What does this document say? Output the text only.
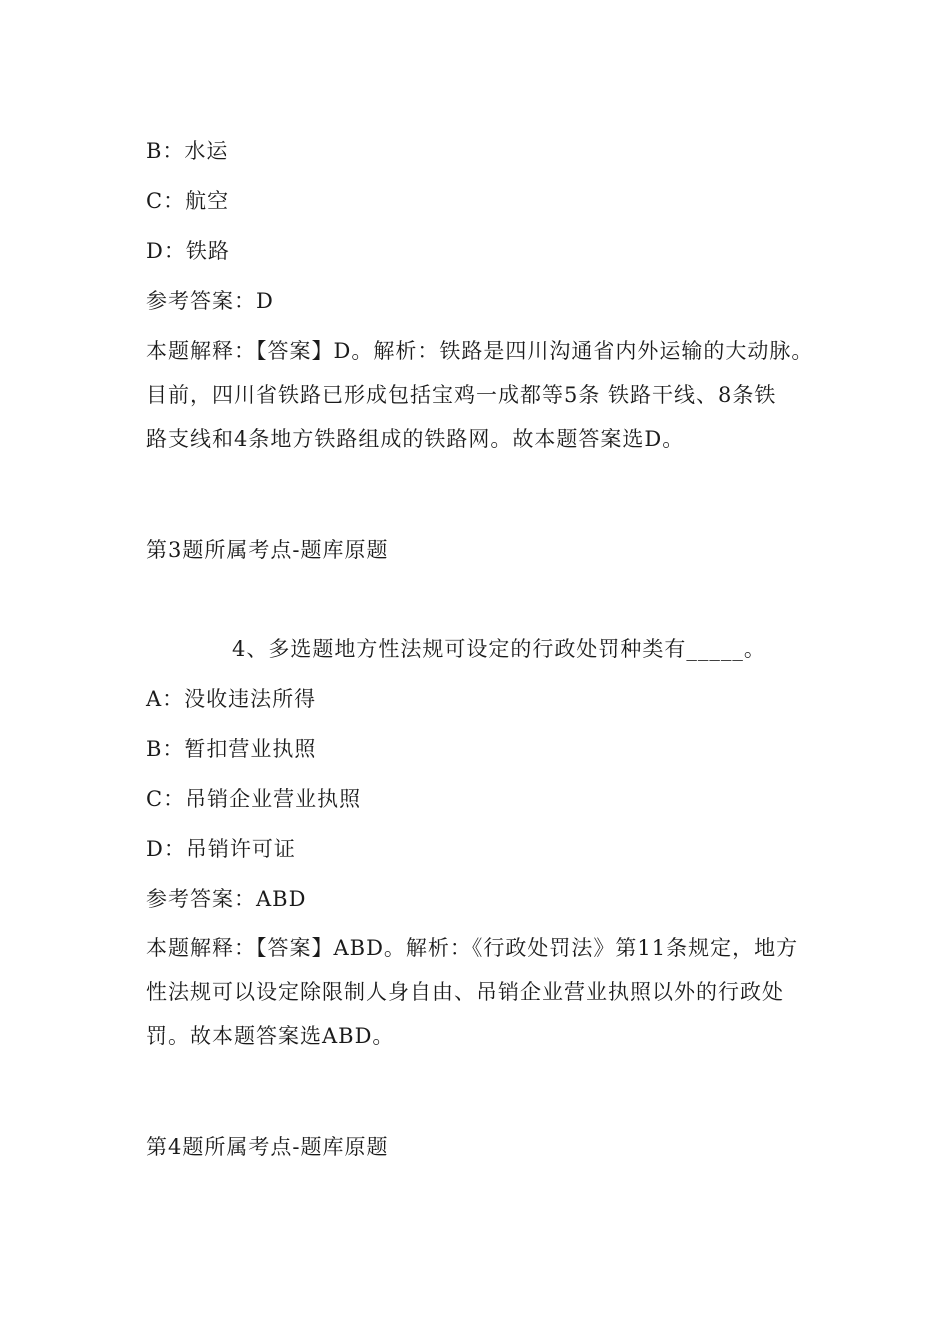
B：水运
C：航空
D：铁路
参考答案：D
本题解释：【答案】D。解析：铁路是四川沟通省内外运输的大动脉。
目前，四川省铁路已形成包括宝鸡一成都等5条 铁路干线、8条铁
路支线和4条地方铁路组成的铁路网。故本题答案选D。
第3题所属考点-题库原题
4、多选题地方性法规可设定的行政处罚种类有_____。
A：没收违法所得
B：暂扣营业执照
C：吊销企业营业执照
D：吊销许可证
参考答案：ABD
本题解释：【答案】ABD。解析：《行政处罚法》第11条规定，地方
性法规可以设定除限制人身自由、吊销企业营业执照以外的行政处
罚。故本题答案选ABD。
第4题所属考点-题库原题
